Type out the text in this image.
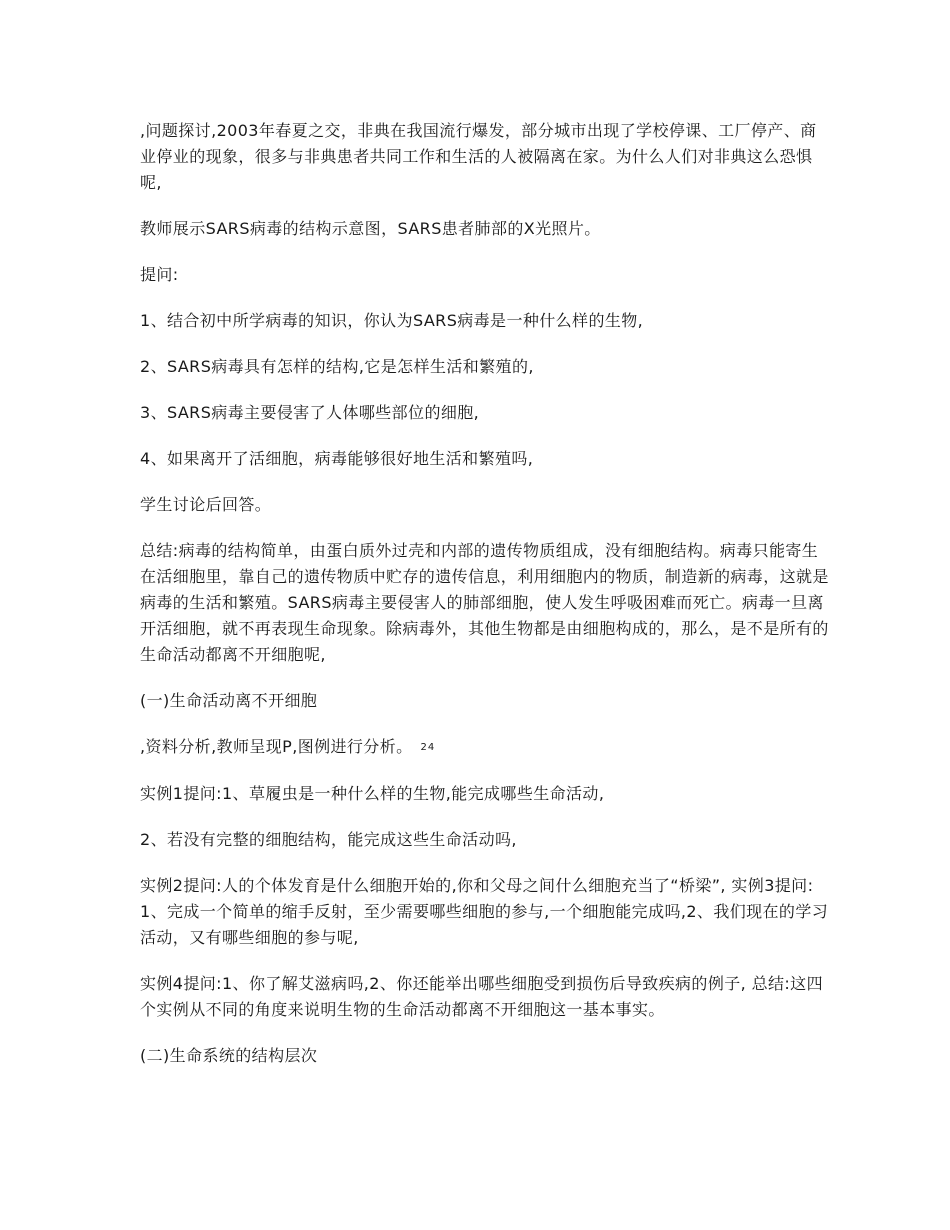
,问题探讨,2003年春夏之交，非典在我国流行爆发，部分城市出现了学校停课、工厂停产、商业停业的现象，很多与非典患者共同工作和生活的人被隔离在家。为什么人们对非典这么恐惧呢,

教师展示SARS病毒的结构示意图，SARS患者肺部的X光照片。

提问:

1、结合初中所学病毒的知识，你认为SARS病毒是一种什么样的生物,

2、SARS病毒具有怎样的结构,它是怎样生活和繁殖的,

3、SARS病毒主要侵害了人体哪些部位的细胞,

4、如果离开了活细胞，病毒能够很好地生活和繁殖吗,

学生讨论后回答。

总结:病毒的结构简单，由蛋白质外过壳和内部的遗传物质组成，没有细胞结构。病毒只能寄生在活细胞里，靠自己的遗传物质中贮存的遗传信息，利用细胞内的物质，制造新的病毒，这就是病毒的生活和繁殖。SARS病毒主要侵害人的肺部细胞，使人发生呼吸困难而死亡。病毒一旦离开活细胞，就不再表现生命现象。除病毒外，其他生物都是由细胞构成的，那么，是不是所有的生命活动都离不开细胞呢,

(一)生命活动离不开细胞

,资料分析,教师呈现P,图例进行分析。 $^{24}$

实例1提问:1、草履虫是一种什么样的生物,能完成哪些生命活动,

2、若没有完整的细胞结构，能完成这些生命活动吗,

实例2提问:人的个体发育是什么细胞开始的,你和父母之间什么细胞充当了“桥梁”, 实例3提问:1、完成一个简单的缩手反射，至少需要哪些细胞的参与,一个细胞能完成吗,2、我们现在的学习活动，又有哪些细胞的参与呢,

实例4提问:1、你了解艾滋病吗,2、你还能举出哪些细胞受到损伤后导致疾病的例子, 总结:这四个实例从不同的角度来说明生物的生命活动都离不开细胞这一基本事实。

(二)生命系统的结构层次
